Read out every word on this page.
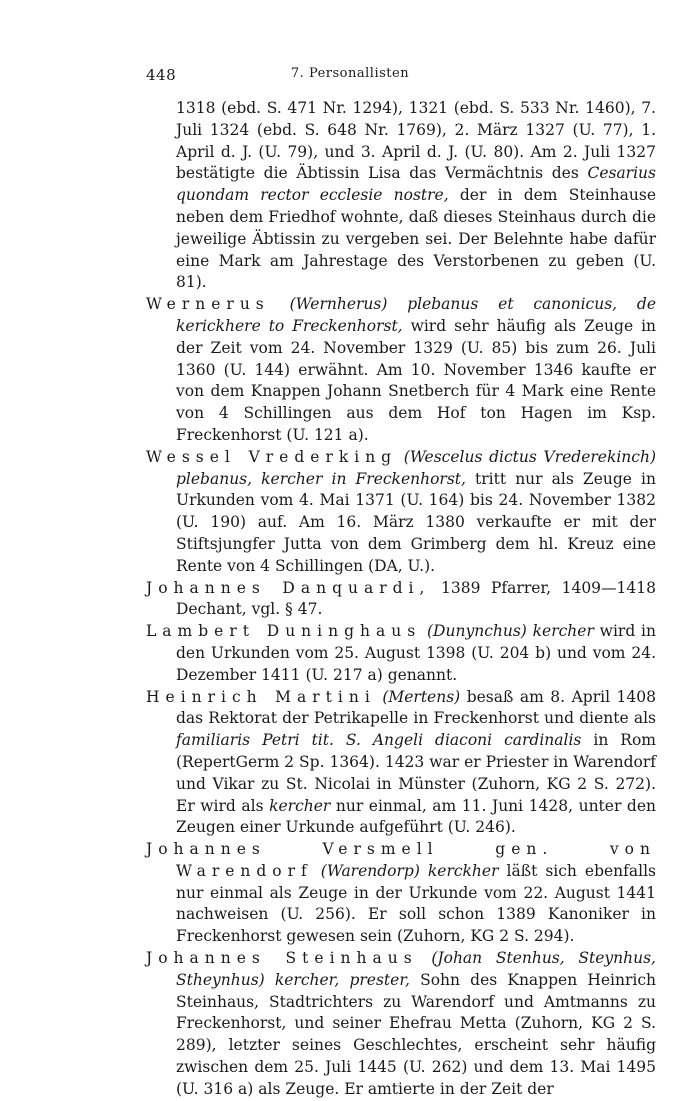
448	7. Personallisten

1318 (ebd. S. 471 Nr. 1294), 1321 (ebd. S. 533 Nr. 1460), 7. Juli 1324 (ebd. S. 648 Nr. 1769), 2. März 1327 (U. 77), 1. April d. J. (U. 79), und 3. April d. J. (U. 80). Am 2. Juli 1327 bestätigte die Äbtissin Lisa das Vermächtnis des Cesarius quondam rector ecclesie nostre, der in dem Steinhause neben dem Friedhof wohnte, daß dieses Steinhaus durch die jeweilige Äbtissin zu vergeben sei. Der Belehnte habe dafür eine Mark am Jahrestage des Verstorbenen zu geben (U. 81).

Wernerus (Wernherus) plebanus et canonicus, de kerickhere to Freckenhorst, wird sehr häufig als Zeuge in der Zeit vom 24. November 1329 (U. 85) bis zum 26. Juli 1360 (U. 144) erwähnt. Am 10. November 1346 kaufte er von dem Knappen Johann Snetberch für 4 Mark eine Rente von 4 Schillingen aus dem Hof ton Hagen im Ksp. Freckenhorst (U. 121 a).

Wessel Vrederking (Wescelus dictus Vrederekinch) plebanus, kercher in Freckenhorst, tritt nur als Zeuge in Urkunden vom 4. Mai 1371 (U. 164) bis 24. November 1382 (U. 190) auf. Am 16. März 1380 verkaufte er mit der Stiftsjungfer Jutta von dem Grimberg dem hl. Kreuz eine Rente von 4 Schillingen (DA, U.).

Johannes Danquardi, 1389 Pfarrer, 1409—1418 Dechant, vgl. § 47.

Lambert Duninghaus (Dunynchus) kercher wird in den Urkunden vom 25. August 1398 (U. 204 b) und vom 24. Dezember 1411 (U. 217 a) genannt.

Heinrich Martini (Mertens) besaß am 8. April 1408 das Rektorat der Petrikapelle in Freckenhorst und diente als familiaris Petri tit. S. Angeli diaconi cardinalis in Rom (RepertGerm 2 Sp. 1364). 1423 war er Priester in Warendorf und Vikar zu St. Nicolai in Münster (Zuhorn, KG 2 S. 272). Er wird als kercher nur einmal, am 11. Juni 1428, unter den Zeugen einer Urkunde aufgeführt (U. 246).

Johannes Versmell gen. von Warendorf (Warendorp) kerckher läßt sich ebenfalls nur einmal als Zeuge in der Urkunde vom 22. August 1441 nachweisen (U. 256). Er soll schon 1389 Kanoniker in Freckenhorst gewesen sein (Zuhorn, KG 2 S. 294).

Johannes Steinhaus (Johan Stenhus, Steynhus, Stheynhus) kercher, prester, Sohn des Knappen Heinrich Steinhaus, Stadtrichters zu Warendorf und Amtmanns zu Freckenhorst, und seiner Ehefrau Metta (Zuhorn, KG 2 S. 289), letzter seines Geschlechtes, erscheint sehr häufig zwischen dem 25. Juli 1445 (U. 262) und dem 13. Mai 1495 (U. 316 a) als Zeuge. Er amtierte in der Zeit der
